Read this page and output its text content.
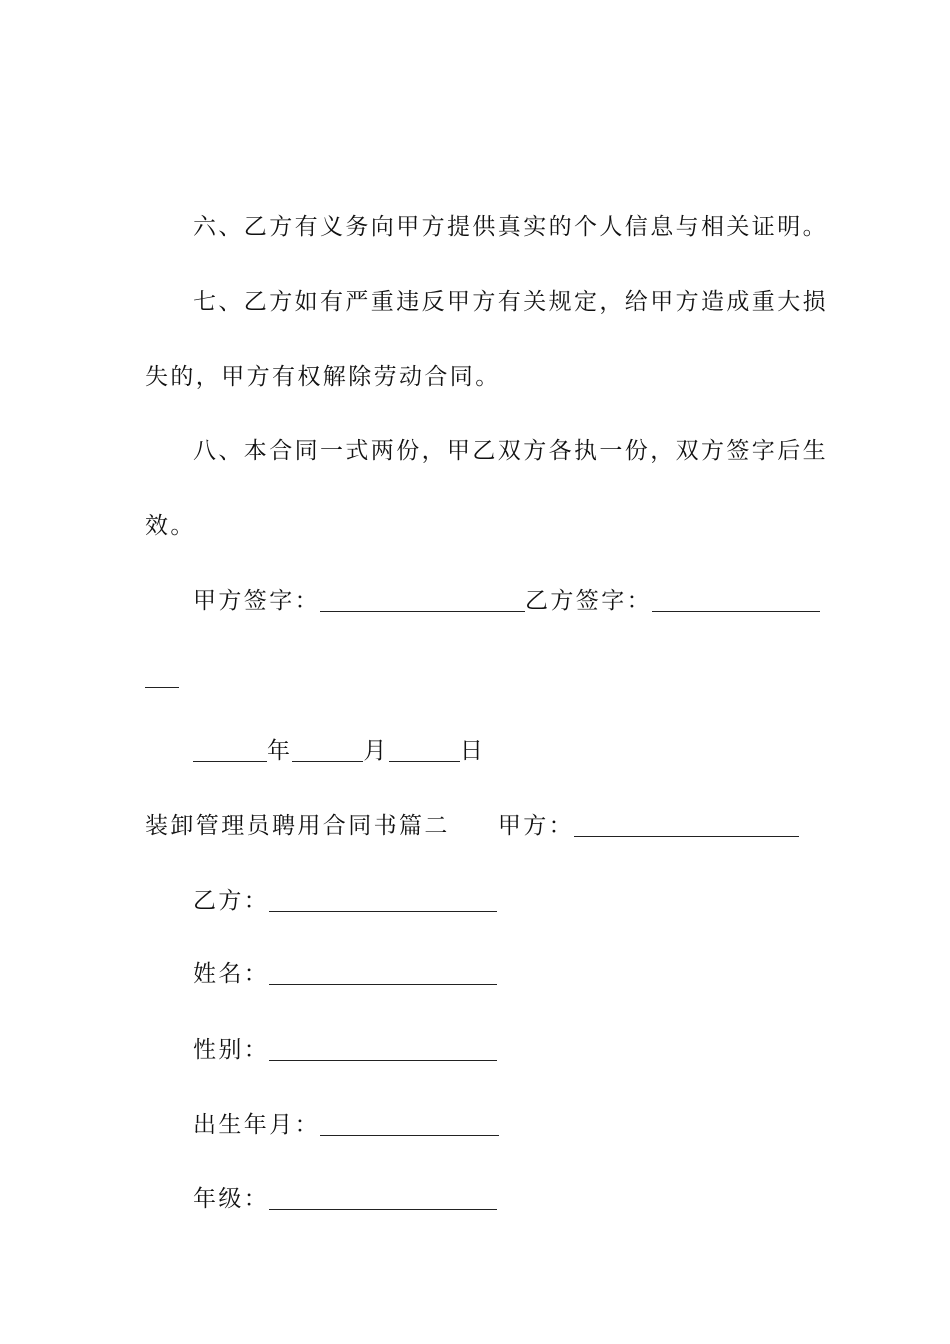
六、乙方有义务向甲方提供真实的个人信息与相关证明。
七、乙方如有严重违反甲方有关规定，给甲方造成重大损
失的，甲方有权解除劳动合同。
八、本合同一式两份，甲乙双方各执一份，双方签字后生
效。
甲方签字：	乙方签字：
年	月	日
装卸管理员聘用合同书篇二 甲方：
乙方：
姓名：
性别：
出生年月：
年级：
